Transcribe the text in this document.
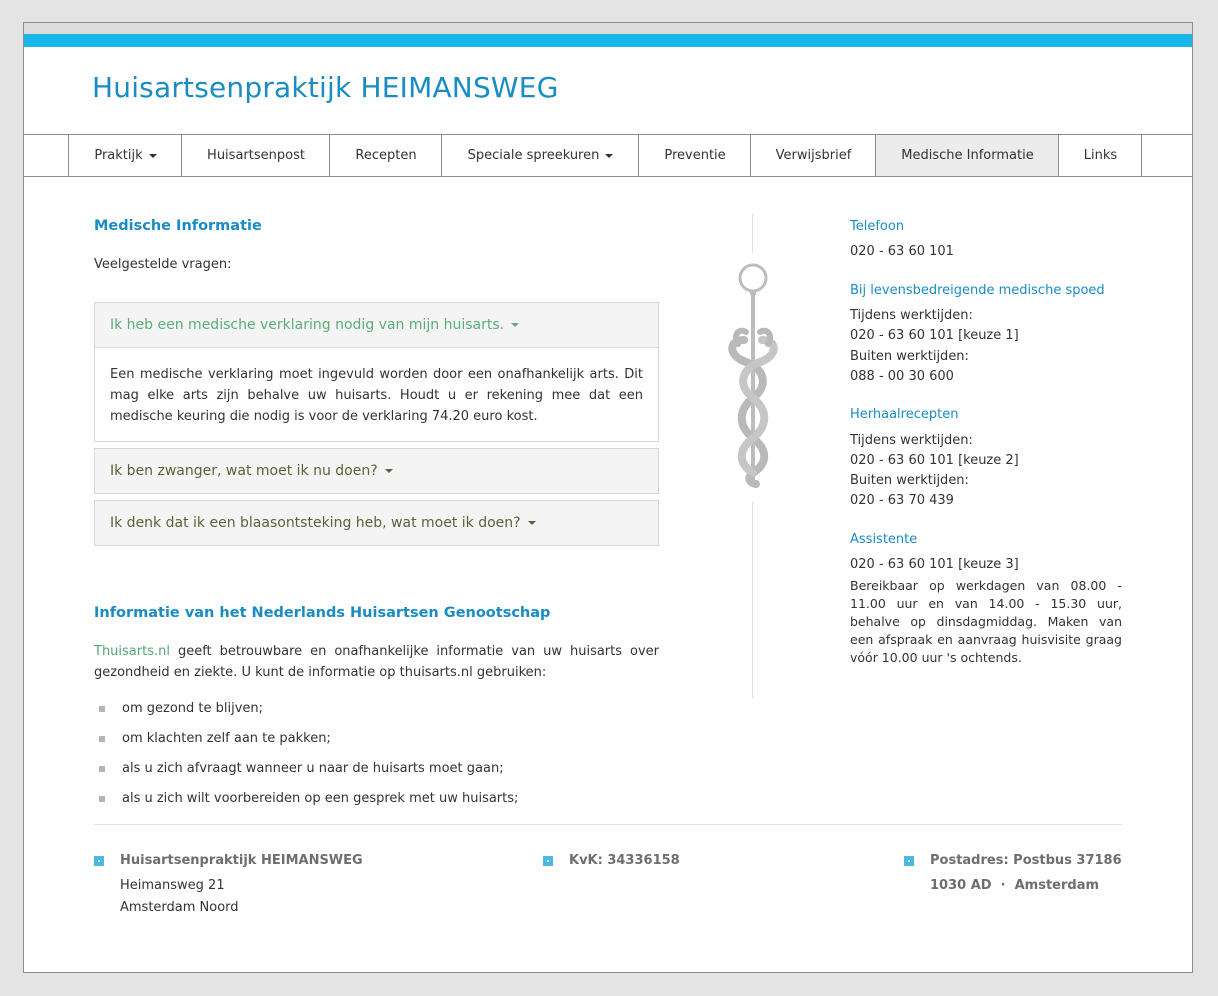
Huisartsenpraktijk HEIMANSWEG
Praktijk	Huisartsenpost	Recepten	Speciale spreekuren	Preventie	Verwijsbrief	Medische Informatie	Links
Medische Informatie

Veelgestelde vragen:

Ik heb een medische verklaring nodig van mijn huisarts.
Een medische verklaring moet ingevuld worden door een onafhankelijk arts. Dit mag elke arts zijn behalve uw huisarts. Houdt u er rekening mee dat een medische keuring die nodig is voor de verklaring 74.20 euro kost.
Ik ben zwanger, wat moet ik nu doen?
Ik denk dat ik een blaasontsteking heb, wat moet ik doen?
Informatie van het Nederlands Huisartsen Genootschap

Thuisarts.nl geeft betrouwbare en onafhankelijke informatie van uw huisarts over gezondheid en ziekte. U kunt de informatie op thuisarts.nl gebruiken:

om gezond te blijven;
om klachten zelf aan te pakken;
als u zich afvraagt wanneer u naar de huisarts moet gaan;
als u zich wilt voorbereiden op een gesprek met uw huisarts;

Telefoon

020 - 63 60 101

Bij levensbedreigende medische spoed

Tijdens werktijden:

020 - 63 60 101 [keuze 1]

Buiten werktijden:

088 - 00 30 600

Herhaalrecepten

Tijdens werktijden:

020 - 63 60 101 [keuze 2]

Buiten werktijden:

020 - 63 70 439

Assistente

020 - 63 60 101 [keuze 3]

Bereikbaar op werkdagen van 08.00 - 11.00 uur en van 14.00 - 15.30 uur, behalve op dinsdagmiddag. Maken van een afspraak en aanvraag huisvisite graag vóór 10.00 uur 's ochtends.

Huisartsenpraktijk HEIMANSWEG

Heimansweg 21

Amsterdam Noord

KvK: 34336158	Postadres: Postbus 37186

1030 AD  ·  Amsterdam
